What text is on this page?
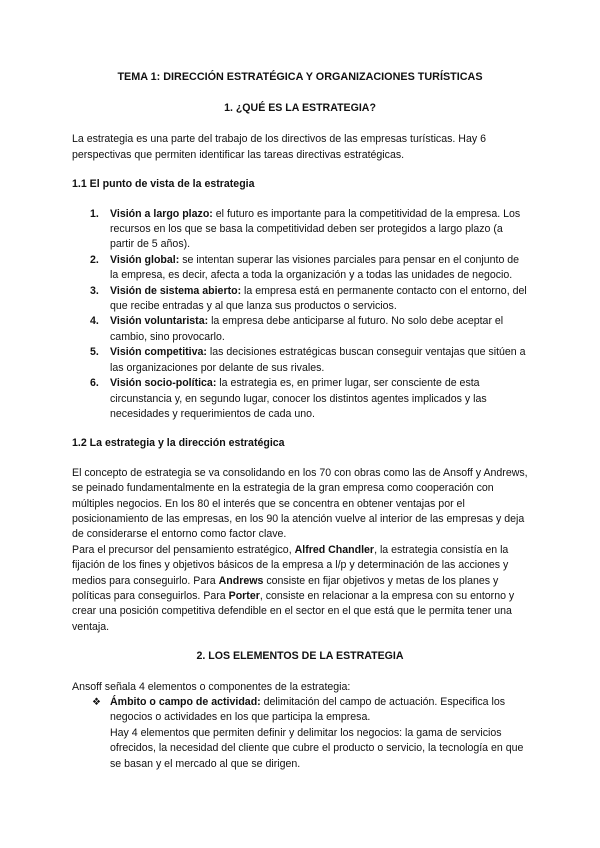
TEMA 1: DIRECCIÓN ESTRATÉGICA Y ORGANIZACIONES TURÍSTICAS
1. ¿QUÉ ES LA ESTRATEGIA?

La estrategia es una parte del trabajo de los directivos de las empresas turísticas. Hay 6 perspectivas que permiten identificar las tareas directivas estratégicas.

1.1 El punto de vista de la estrategia
1. Visión a largo plazo: el futuro es importante para la competitividad de la empresa. Los recursos en los que se basa la competitividad deben ser protegidos a largo plazo (a partir de 5 años).
2. Visión global: se intentan superar las visiones parciales para pensar en el conjunto de la empresa, es decir, afecta a toda la organización y a todas las unidades de negocio.
3. Visión de sistema abierto: la empresa está en permanente contacto con el entorno, del que recibe entradas y al que lanza sus productos o servicios.
4. Visión voluntarista: la empresa debe anticiparse al futuro. No solo debe aceptar el cambio, sino provocarlo.
5. Visión competitiva: las decisiones estratégicas buscan conseguir ventajas que sitúen a las organizaciones por delante de sus rivales.
6. Visión socio-política: la estrategia es, en primer lugar, ser consciente de esta circunstancia y, en segundo lugar, conocer los distintos agentes implicados y las necesidades y requerimientos de cada uno.
1.2 La estrategia y la dirección estratégica

El concepto de estrategia se va consolidando en los 70 con obras como las de Ansoff y Andrews, se peinado fundamentalmente en la estrategia de la gran empresa como cooperación con múltiples negocios. En los 80 el interés que se concentra en obtener ventajas por el posicionamiento de las empresas, en los 90 la atención vuelve al interior de las empresas y deja de considerarse el entorno como factor clave.

Para el precursor del pensamiento estratégico, Alfred Chandler, la estrategia consistía en la fijación de los fines y objetivos básicos de la empresa a l/p y determinación de las acciones y medios para conseguirlo. Para Andrews consiste en fijar objetivos y metas de los planes y políticas para conseguirlos. Para Porter, consiste en relacionar a la empresa con su entorno y crear una posición competitiva defendible en el sector en el que está que le permita tener una ventaja.

2. LOS ELEMENTOS DE LA ESTRATEGIA

Ansoff señala 4 elementos o componentes de la estrategia:

❖ Ámbito o campo de actividad: delimitación del campo de actuación. Especifica los negocios o actividades en los que participa la empresa.
Hay 4 elementos que permiten definir y delimitar los negocios: la gama de servicios ofrecidos, la necesidad del cliente que cubre el producto o servicio, la tecnología en que se basan y el mercado al que se dirigen.
